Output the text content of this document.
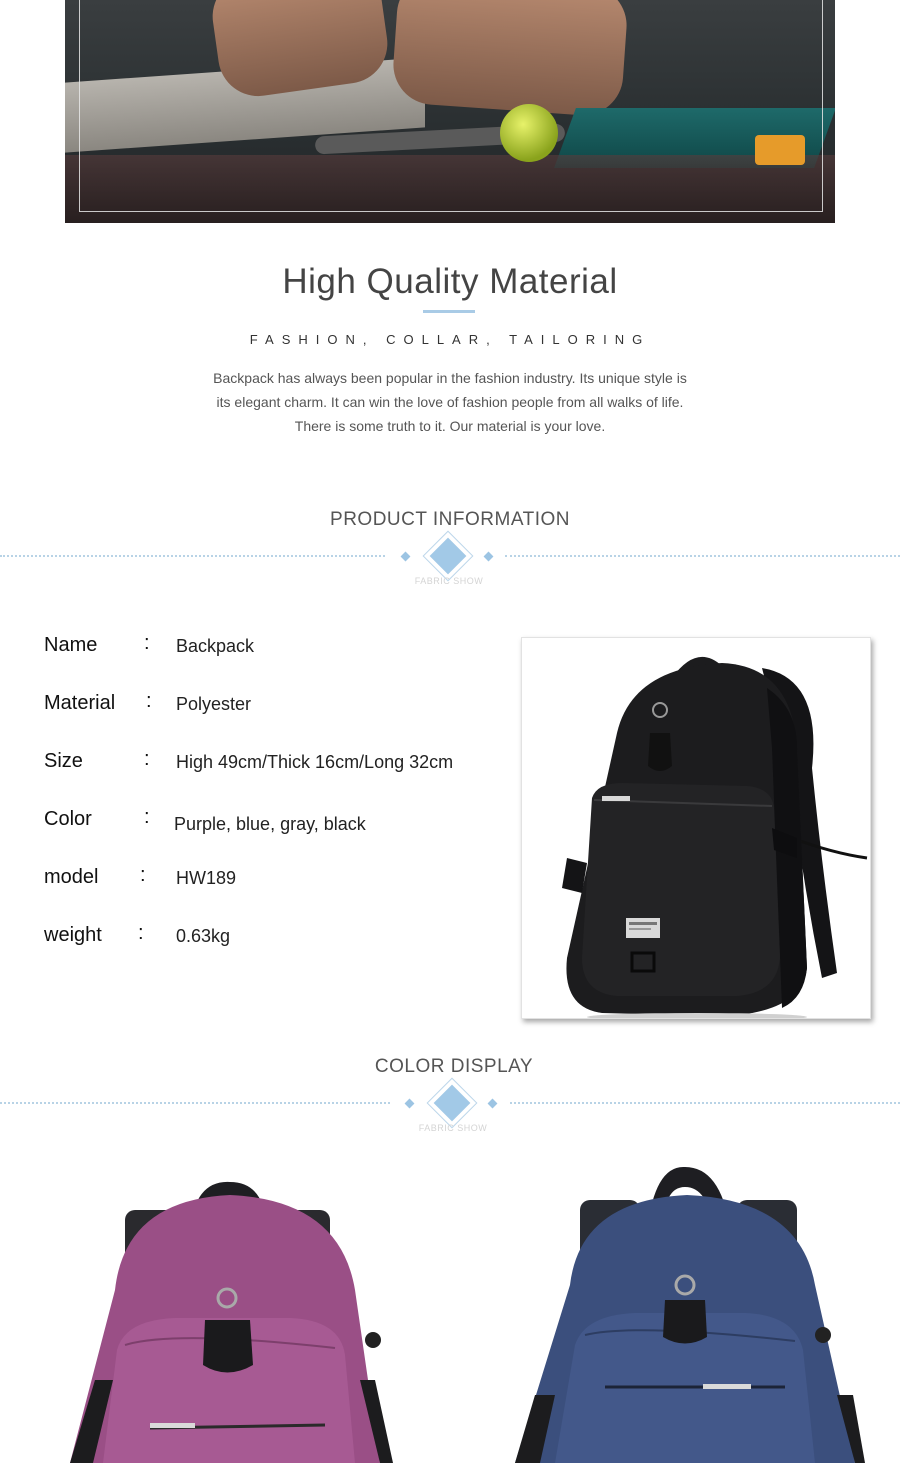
High Quality Material
FASHION, COLLAR, TAILORING
Backpack has always been popular in the fashion industry. Its unique style is
its elegant charm. It can win the love of fashion people from all walks of life.
There is some truth to it. Our material is your love.
PRODUCT INFORMATION
FABRIC SHOW
Name : Backpack
Material : Polyester
Size	: High 49cm/Thick 16cm/Long 32cm
Color	: Purple, blue, gray, black
model : HW189
weight : 0.63kg
COLOR DISPLAY
FABRIC SHOW
